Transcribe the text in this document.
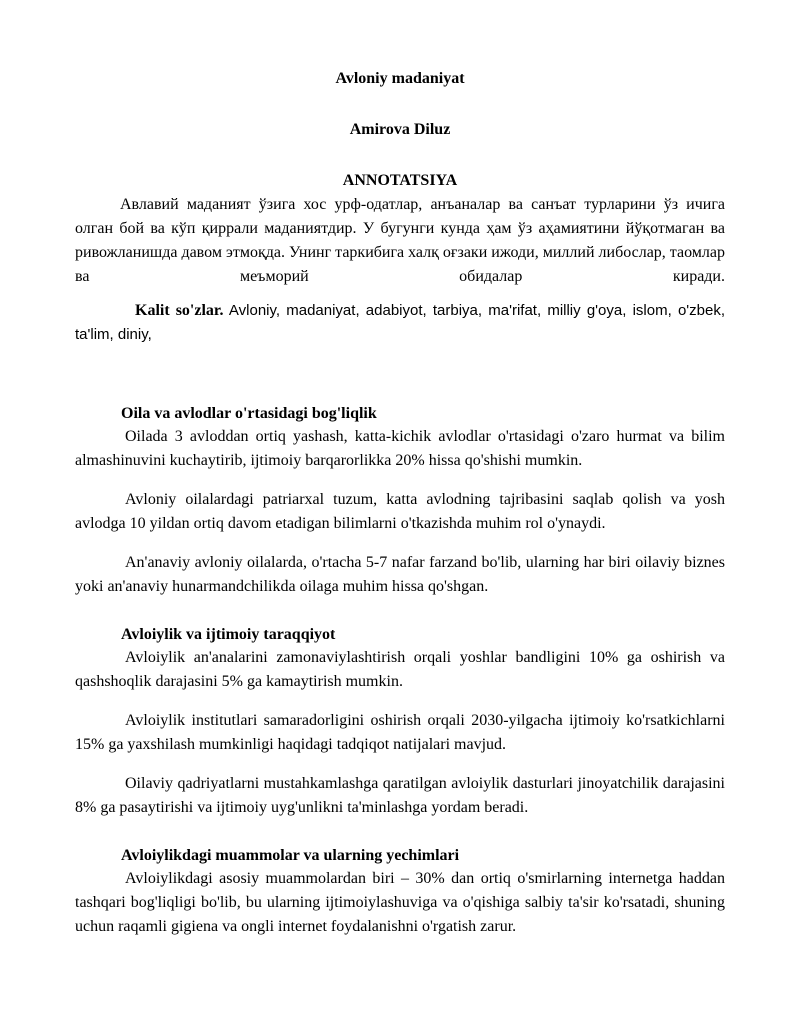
Avloniy madaniyat
Amirova Diluz
ANNOTATSIYA

Авлавий маданият ўзига хос урф-одатлар, анъаналар ва санъат турларини ўз ичига олган бой ва кўп қиррали маданиятдир. У бугунги кунда ҳам ўз аҳамиятини йўқотмаган ва ривожланишда давом этмоқда. Унинг таркибига халқ оғзаки ижоди, миллий либослар, таомлар ва меъморий обидалар киради.

Kalit so'zlar. Avloniy, madaniyat, adabiyot, tarbiya, ma'rifat, milliy g'oya, islom, o'zbek, ta'lim, diniy,

Oila va avlodlar o'rtasidagi bog'liqlik

Oilada 3 avloddan ortiq yashash, katta-kichik avlodlar o'rtasidagi o'zaro hurmat va bilim almashinuvini kuchaytirib, ijtimoiy barqarorlikka 20% hissa qo'shishi mumkin.

Avloniy oilalardagi patriarxal tuzum, katta avlodning tajribasini saqlab qolish va yosh avlodga 10 yildan ortiq davom etadigan bilimlarni o'tkazishda muhim rol o'ynaydi.

An'anaviy avloniy oilalarda, o'rtacha 5-7 nafar farzand bo'lib, ularning har biri oilaviy biznes yoki an'anaviy hunarmandchilikda oilaga muhim hissa qo'shgan.

Avloiylik va ijtimoiy taraqqiyot

Avloiylik an'analarini zamonaviylashtirish orqali yoshlar bandligini 10% ga oshirish va qashshoqlik darajasini 5% ga kamaytirish mumkin.

Avloiylik institutlari samaradorligini oshirish orqali 2030-yilgacha ijtimoiy ko'rsatkichlarni 15% ga yaxshilash mumkinligi haqidagi tadqiqot natijalari mavjud.

Oilaviy qadriyatlarni mustahkamlashga qaratilgan avloiylik dasturlari jinoyatchilik darajasini 8% ga pasaytirishi va ijtimoiy uyg'unlikni ta'minlashga yordam beradi.

Avloiylikdagi muammolar va ularning yechimlari

Avloiylikdagi asosiy muammolardan biri – 30% dan ortiq o'smirlarning internetga haddan tashqari bog'liqligi bo'lib, bu ularning ijtimoiylashuviga va o'qishiga salbiy ta'sir ko'rsatadi, shuning uchun raqamli gigiena va ongli internet foydalanishni o'rgatish zarur.
